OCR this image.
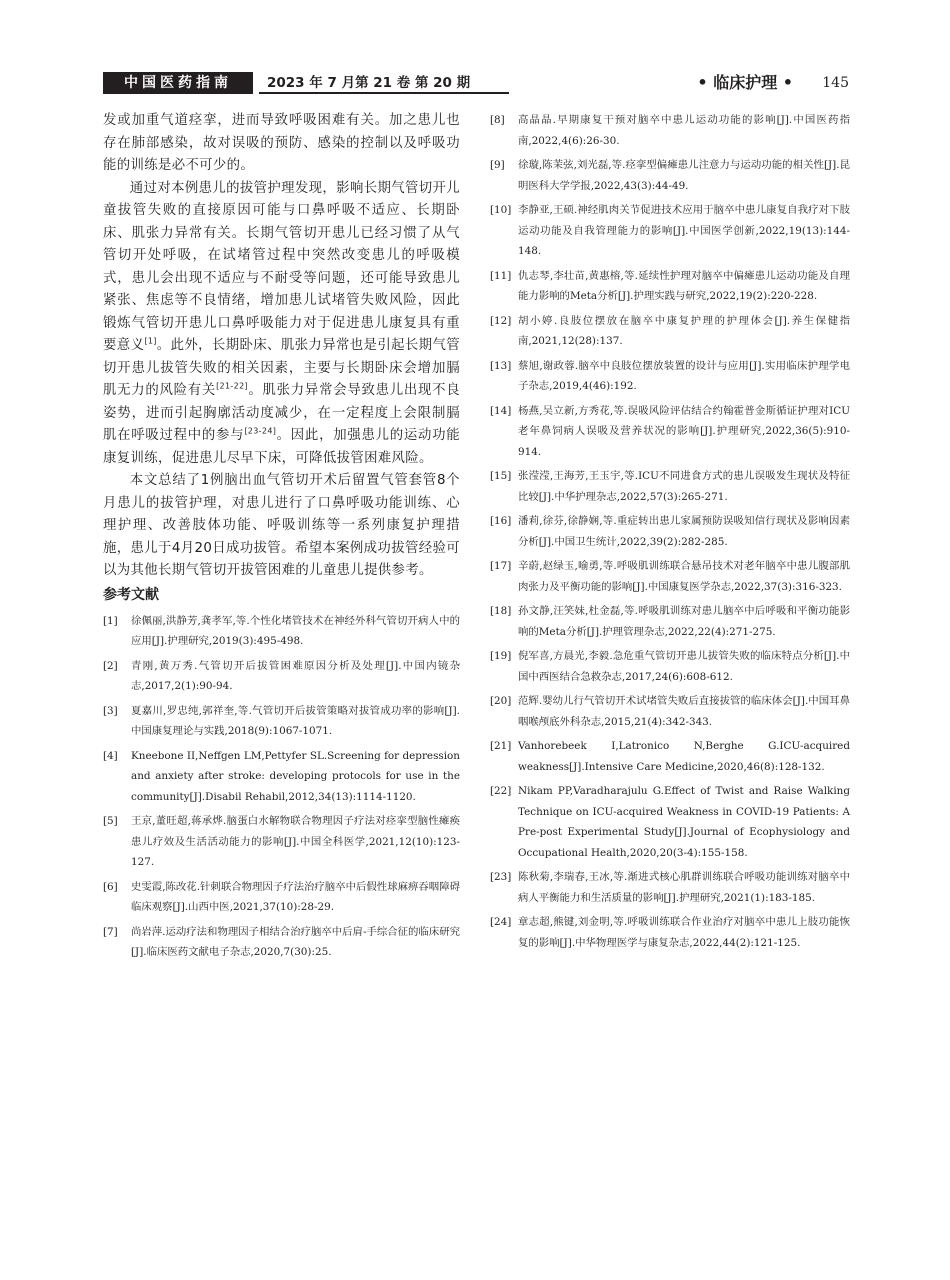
中国医药指南	2023 年 7 月第 21 卷 第 20 期	• 临床护理 • 145

发或加重气道痉挛，进而导致呼吸困难有关。加之患儿也存在肺部感染，故对误吸的预防、感染的控制以及呼吸功能的训练是必不可少的。

通过对本例患儿的拔管护理发现，影响长期气管切开儿童拔管失败的直接原因可能与口鼻呼吸不适应、长期卧床、肌张力异常有关。长期气管切开患儿已经习惯了从气管切开处呼吸，在试堵管过程中突然改变患儿的呼吸模式，患儿会出现不适应与不耐受等问题，还可能导致患儿紧张、焦虑等不良情绪，增加患儿试堵管失败风险，因此锻炼气管切开患儿口鼻呼吸能力对于促进患儿康复具有重要意义[1]。此外，长期卧床、肌张力异常也是引起长期气管切开患儿拔管失败的相关因素，主要与长期卧床会增加膈肌无力的风险有关[21-22]。肌张力异常会导致患儿出现不良姿势，进而引起胸廓活动度减少，在一定程度上会限制膈肌在呼吸过程中的参与[23-24]。因此，加强患儿的运动功能康复训练，促进患儿尽早下床，可降低拔管困难风险。

本文总结了1例脑出血气管切开术后留置气管套管8个月患儿的拔管护理，对患儿进行了口鼻呼吸功能训练、心理护理、改善肢体功能、呼吸训练等一系列康复护理措施，患儿于4月20日成功拔管。希望本案例成功拔管经验可以为其他长期气管切开拔管困难的儿童患儿提供参考。

参考文献
[1] 徐佩丽,洪静芳,龚孝军,等.个性化堵管技术在神经外科气管切开病人中的应用[J].护理研究,2019(3):495-498.
[2] 青刚,黄万秀.气管切开后拔管困难原因分析及处理[J].中国内镜杂志,2017,2(1):90-94.
[3] 夏嘉川,罗忠纯,郭祥奎,等.气管切开后拔管策略对拔管成功率的影响[J].中国康复理论与实践,2018(9):1067-1071.
[4] Kneebone II,Neffgen LM,Pettyfer SL.Screening for depression and anxiety after stroke: developing protocols for use in the community[J].Disabil Rehabil,2012,34(13):1114-1120.
[5] 王京,董旺超,蒋承烨.脑蛋白水解物联合物理因子疗法对痉挛型脑性瘫痪患儿疗效及生活活动能力的影响[J].中国全科医学,2021,12(10):123-127.
[6] 史雯霞,陈改花.针刺联合物理因子疗法治疗脑卒中后假性球麻痹吞咽障碍临床观察[J].山西中医,2021,37(10):28-29.
[7] 尚岩萍.运动疗法和物理因子相结合治疗脑卒中后肩-手综合征的临床研究[J].临床医药文献电子杂志,2020,7(30):25.
[8] 高晶晶.早期康复干预对脑卒中患儿运动功能的影响[J].中国医药指南,2022,4(6):26-30.
[9] 徐璇,陈茉弦,刘光磊,等.痉挛型偏瘫患儿注意力与运动功能的相关性[J].昆明医科大学学报,2022,43(3):44-49.
[10] 李静亚,王硕.神经肌肉关节促进技术应用于脑卒中患儿康复自我疗对下肢运动功能及自我管理能力的影响[J].中国医学创新,2022,19(13):144-148.
[11] 仇志琴,李壮苗,黄惠榕,等.延续性护理对脑卒中偏瘫患儿运动功能及自理能力影响的Meta分析[J].护理实践与研究,2022,19(2):220-228.
[12] 胡小婷.良肢位摆放在脑卒中康复护理的护理体会[J].养生保健指南,2021,12(28):137.
[13] 蔡旭,谢政蓉.脑卒中良肢位摆放装置的设计与应用[J].实用临床护理学电子杂志,2019,4(46):192.
[14] 杨燕,吴立新,方秀花,等.误吸风险评估结合约翰霍普金斯循证护理对ICU老年鼻饲病人误吸及营养状况的影响[J].护理研究,2022,36(5):910-914.
[15] 张滢滢,王海芳,王玉宇,等.ICU不同进食方式的患儿误吸发生现状及特征比较[J].中华护理杂志,2022,57(3):265-271.
[16] 潘莉,徐芬,徐静娴,等.重症转出患儿家属预防误吸知信行现状及影响因素分析[J].中国卫生统计,2022,39(2):282-285.
[17] 辛蔚,赵绿玉,喻勇,等.呼吸肌训练联合悬吊技术对老年脑卒中患儿腹部肌肉张力及平衡功能的影响[J].中国康复医学杂志,2022,37(3):316-323.
[18] 孙文静,汪笑妹,杜金磊,等.呼吸肌训练对患儿脑卒中后呼吸和平衡功能影响的Meta分析[J].护理管理杂志,2022,22(4):271-275.
[19] 倪军喜,方晨光,李毅.急危重气管切开患儿拔管失败的临床特点分析[J].中国中西医结合急救杂志,2017,24(6):608-612.
[20] 范辉.婴幼儿行气管切开术试堵管失败后直接拔管的临床体会[J].中国耳鼻咽喉颅底外科杂志,2015,21(4):342-343.
[21] Vanhorebeek I,Latronico N,Berghe G.ICU-acquired weakness[J].Intensive Care Medicine,2020,46(8):128-132.
[22] Nikam PP,Varadharajulu G.Effect of Twist and Raise Walking Technique on ICU-acquired Weakness in COVID-19 Patients: A Pre-post Experimental Study[J].Journal of Ecophysiology and Occupational Health,2020,20(3-4):155-158.
[23] 陈秋菊,李瑞春,王冰,等.渐进式核心肌群训练联合呼吸功能训练对脑卒中病人平衡能力和生活质量的影响[J].护理研究,2021(1):183-185.
[24] 章志超,熊键,刘金明,等.呼吸训练联合作业治疗对脑卒中患儿上肢功能恢复的影响[J].中华物理医学与康复杂志,2022,44(2):121-125.
